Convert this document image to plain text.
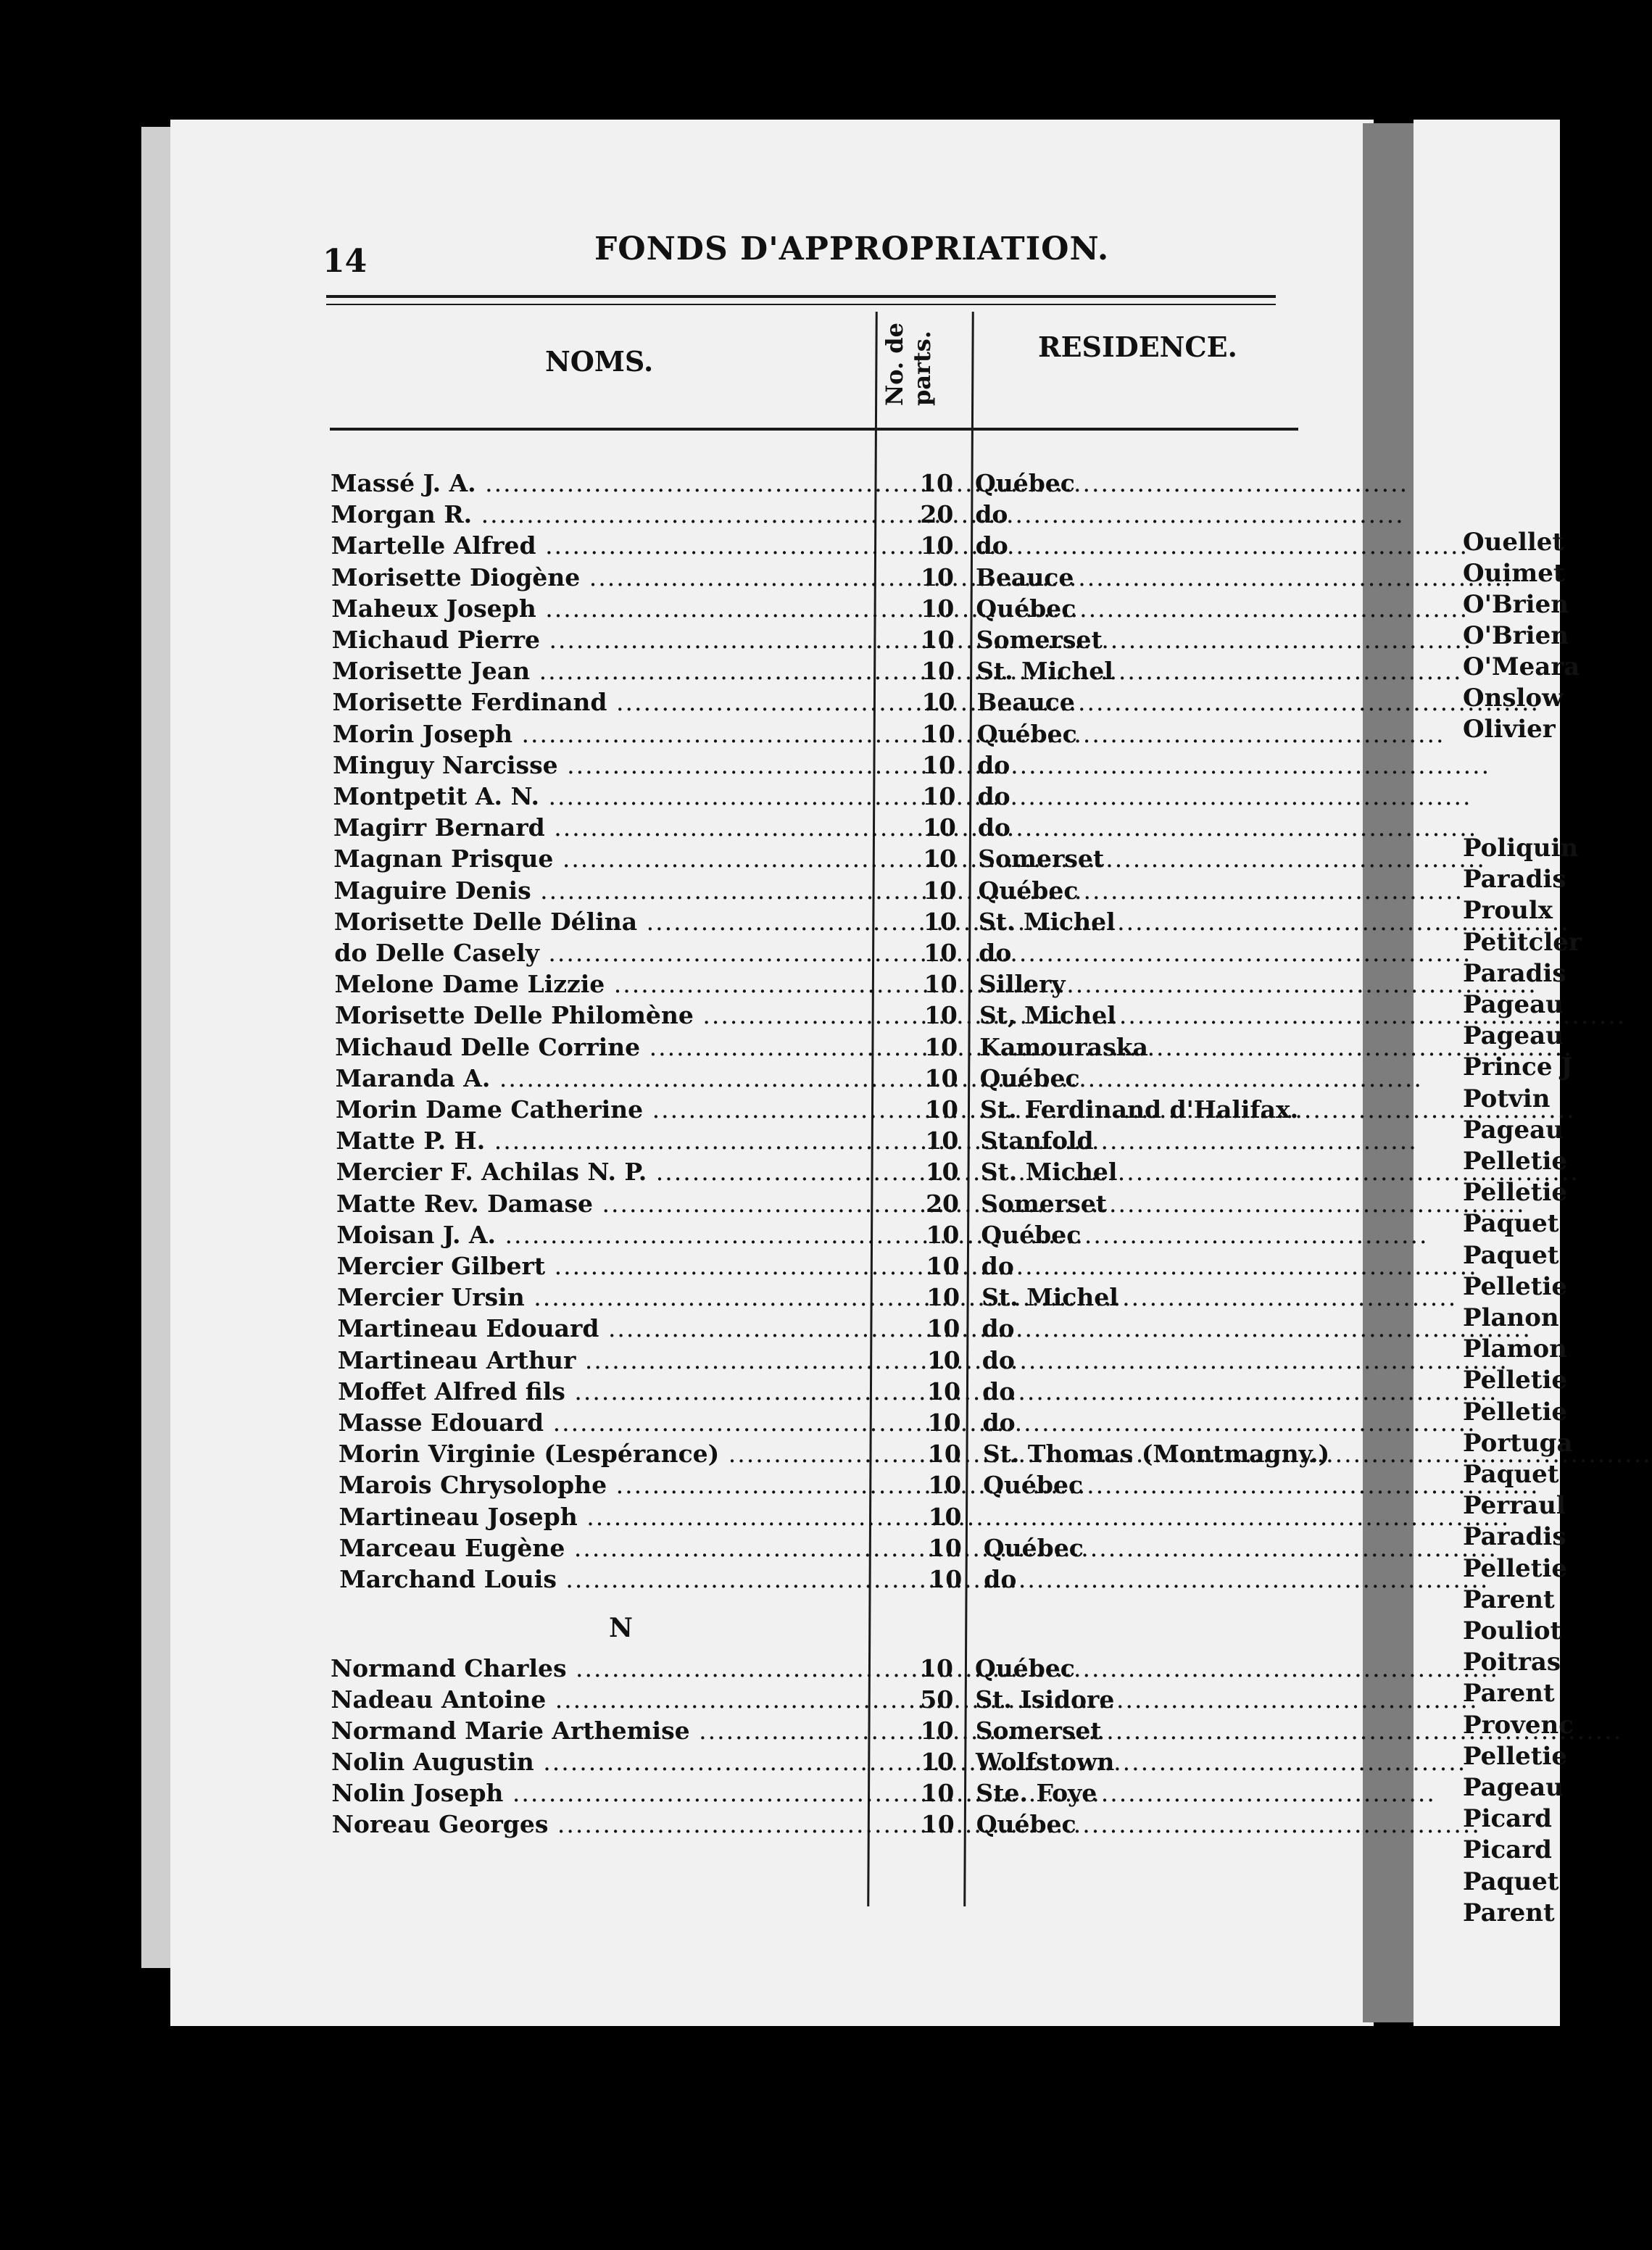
14	FONDS D'APPROPRIATION.
NOMS.	No. de parts.	RESIDENCE.
Massé J. A. .....	10 Québec
Morgan R. .....	20 do
Martelle Alfred .....	10 do
Morisette Diogène .....	10 Beauce
Maheux Joseph .....	10 Québec
Michaud Pierre .....	10 Somerset
Morisette Jean .....	10 St. Michel
Morisette Ferdinand .....	10 Beauce
Morin Joseph .....	10 Québec
Minguy Narcisse .....	10 do
Montpetit A. N. .....	10 do
Magirr Bernard .....	10 do
Magnan Prisque .....	10 Somerset
Maguire Denis .....	10 Québec
Morisette Delle Délina .....	10 St. Michel
do Delle Casely .....	10 do
Melone Dame Lizzie .....	10 Sillery
Morisette Delle Philomène .....	10 St, Michel
Michaud Delle Corrine .....	10 Kamouraska
Maranda A. .....	10 Québec
Morin Dame Catherine .....	10 St. Ferdinand d'Halifax.
Matte P. H. .....	10 Stanfold
Mercier F. Achilas N. P. .....	10 St. Michel
Matte Rev. Damase .....	20 Somerset
Moisan J. A. .....	10 Québec
Mercier Gilbert .....	10 do
Mercier Ursin .....	10 St. Michel
Martineau Edouard .....	10 do
Martineau Arthur .....	10 do
Moffet Alfred fils .....	10 do
Masse Edouard .....	10 do
Morin Virginie (Lespérance) .....	10 St. Thomas (Montmagny.)
Marois Chrysolophe .....	10 Québec
Martineau Joseph .....	10
Marceau Eugène .....	10 Québec
Marchand Louis .....	10 do
N
Normand Charles .....	10 Québec
Nadeau Antoine .....	50 St. Isidore
Normand Marie Arthemise .....	10 Somerset
Nolin Augustin .....	10 Wolfstown
Nolin Joseph .....	10 Ste. Foye
Noreau Georges .....	10 Québec
Ouellet
Ouimet
O'Brien
O'Brien
O'Meara
Onslow
Olivier
Poliquin
Paradis
Proulx
Petitcler
Paradis
Pageau
Pageau
Prince J
Potvin
Pageau
Pelletie
Pelletie
Paquet
Paquet
Pelletie
Planon
Plamon
Pelletie
Pelletie
Portuga
Paquet
Perraul
Paradis
Pelletie
Parent
Pouliot
Poitras
Parent
Provenc
Pelletie
Pageau
Picard
Picard
Paquet
Parent
